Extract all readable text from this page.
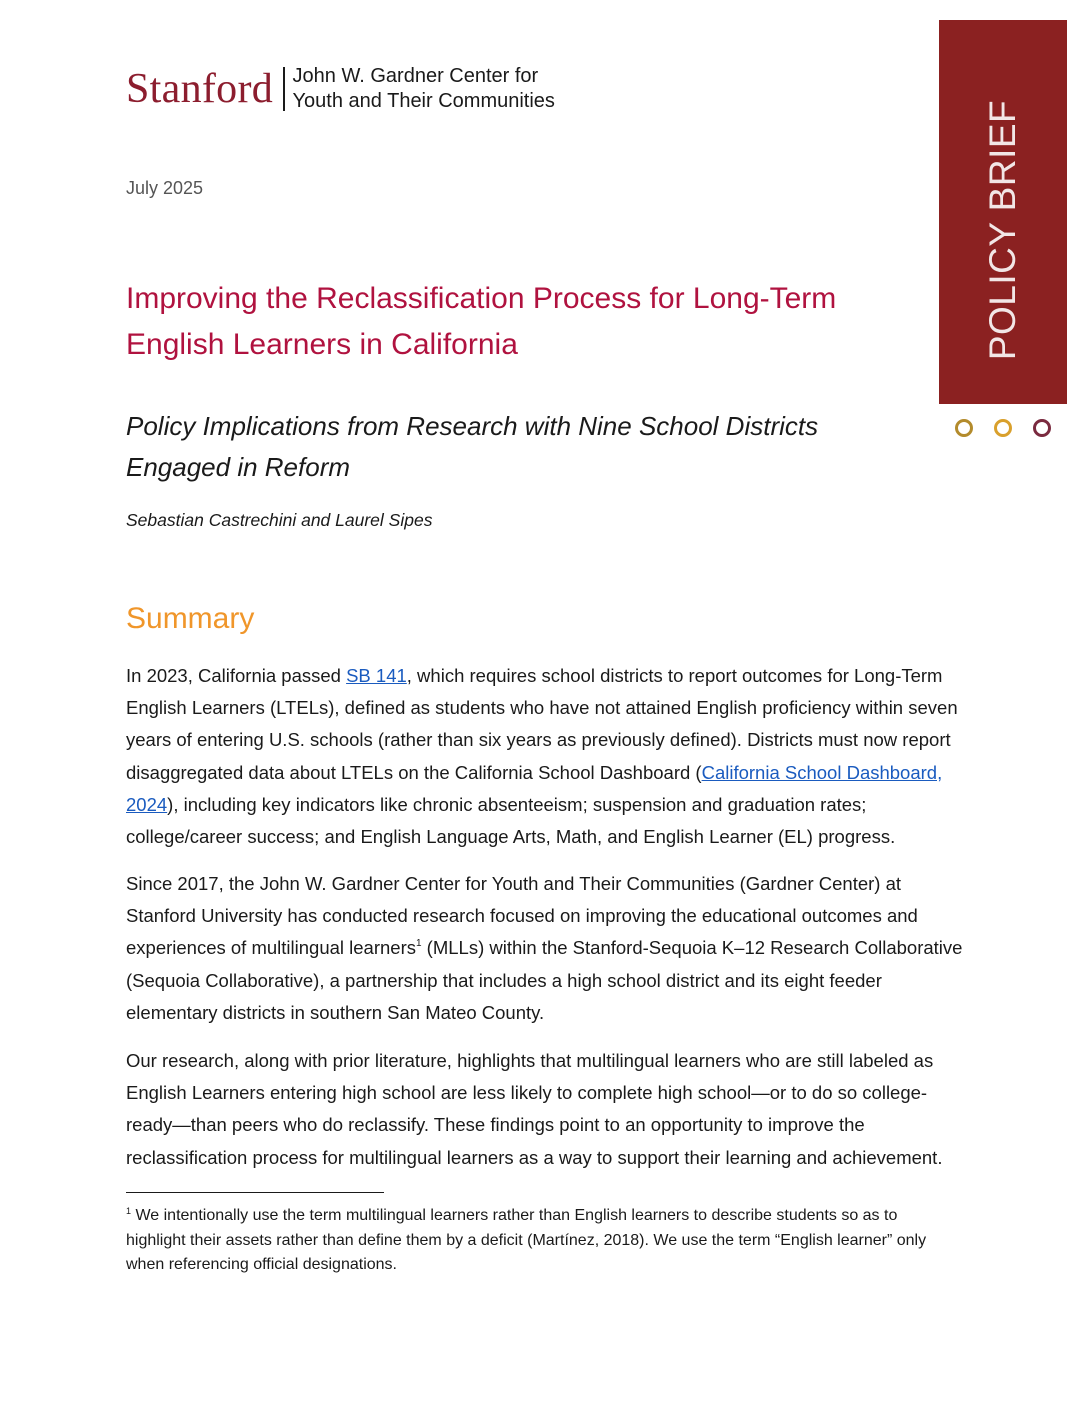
Stanford John W. Gardner Center for
Youth and Their Communities	POLICY BRIEF
July 2025
Improving the Reclassification Process for Long-Term English Learners in California
Policy Implications from Research with Nine School Districts Engaged in Reform
Sebastian Castrechini and Laurel Sipes
Summary

In 2023, California passed SB 141, which requires school districts to report outcomes for Long-Term English Learners (LTELs), defined as students who have not attained English proficiency within seven years of entering U.S. schools (rather than six years as previously defined). Districts must now report disaggregated data about LTELs on the California School Dashboard (California School Dashboard, 2024), including key indicators like chronic absenteeism; suspension and graduation rates; college/career success; and English Language Arts, Math, and English Learner (EL) progress.

Since 2017, the John W. Gardner Center for Youth and Their Communities (Gardner Center) at Stanford University has conducted research focused on improving the educational outcomes and experiences of multilingual learners$^1$ (MLLs) within the Stanford-Sequoia K–12 Research Collaborative (Sequoia Collaborative), a partnership that includes a high school district and its eight feeder elementary districts in southern San Mateo County.

Our research, along with prior literature, highlights that multilingual learners who are still labeled as English Learners entering high school are less likely to complete high school—or to do so college-ready—than peers who do reclassify. These findings point to an opportunity to improve the reclassification process for multilingual learners as a way to support their learning and achievement.

$^1$ We intentionally use the term multilingual learners rather than English learners to describe students so as to highlight their assets rather than define them by a deficit (Martínez, 2018). We use the term “English learner” only when referencing official designations.
